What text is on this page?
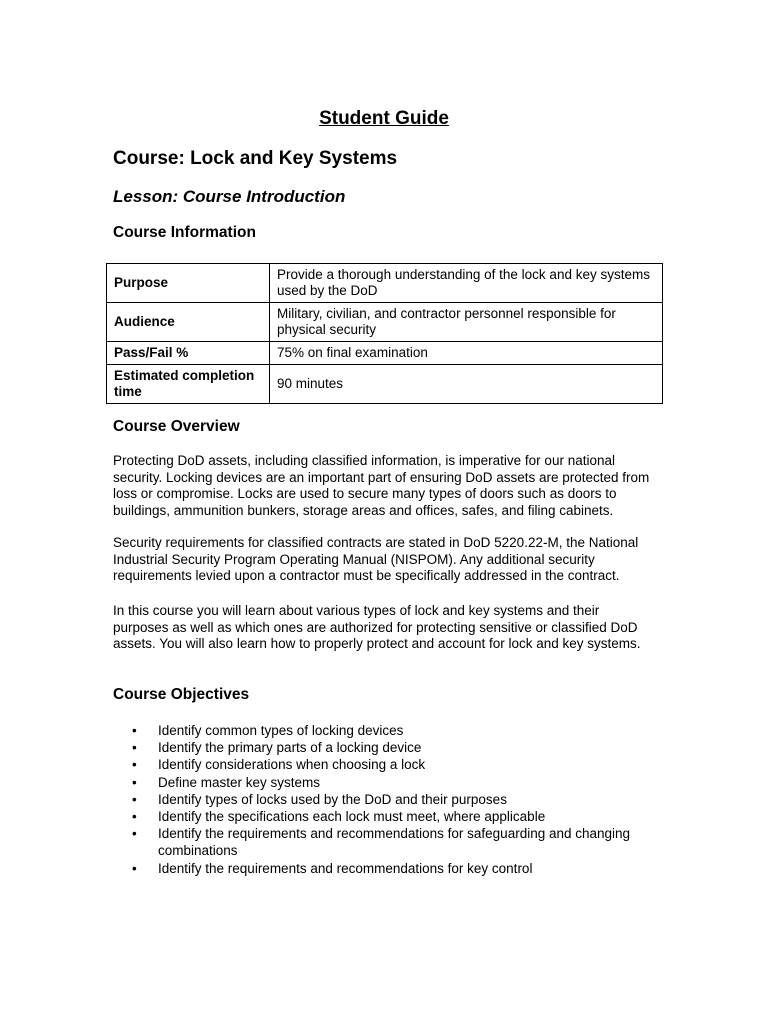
Student Guide
Course: Lock and Key Systems
Lesson: Course Introduction
Course Information
Purpose	Provide a thorough understanding of the lock and key systems used by the DoD
Audience	Military, civilian, and contractor personnel responsible for physical security
Pass/Fail %	75% on final examination
Estimated completion time	90 minutes
Course Overview

Protecting DoD assets, including classified information, is imperative for our national security. Locking devices are an important part of ensuring DoD assets are protected from loss or compromise. Locks are used to secure many types of doors such as doors to buildings, ammunition bunkers, storage areas and offices, safes, and filing cabinets.

Security requirements for classified contracts are stated in DoD 5220.22-M, the National Industrial Security Program Operating Manual (NISPOM). Any additional security requirements levied upon a contractor must be specifically addressed in the contract.

In this course you will learn about various types of lock and key systems and their purposes as well as which ones are authorized for protecting sensitive or classified DoD assets. You will also learn how to properly protect and account for lock and key systems.

Course Objectives
• Identify common types of locking devices
• Identify the primary parts of a locking device
• Identify considerations when choosing a lock
• Define master key systems
• Identify types of locks used by the DoD and their purposes
• Identify the specifications each lock must meet, where applicable
• Identify the requirements and recommendations for safeguarding and changing combinations
• Identify the requirements and recommendations for key control
